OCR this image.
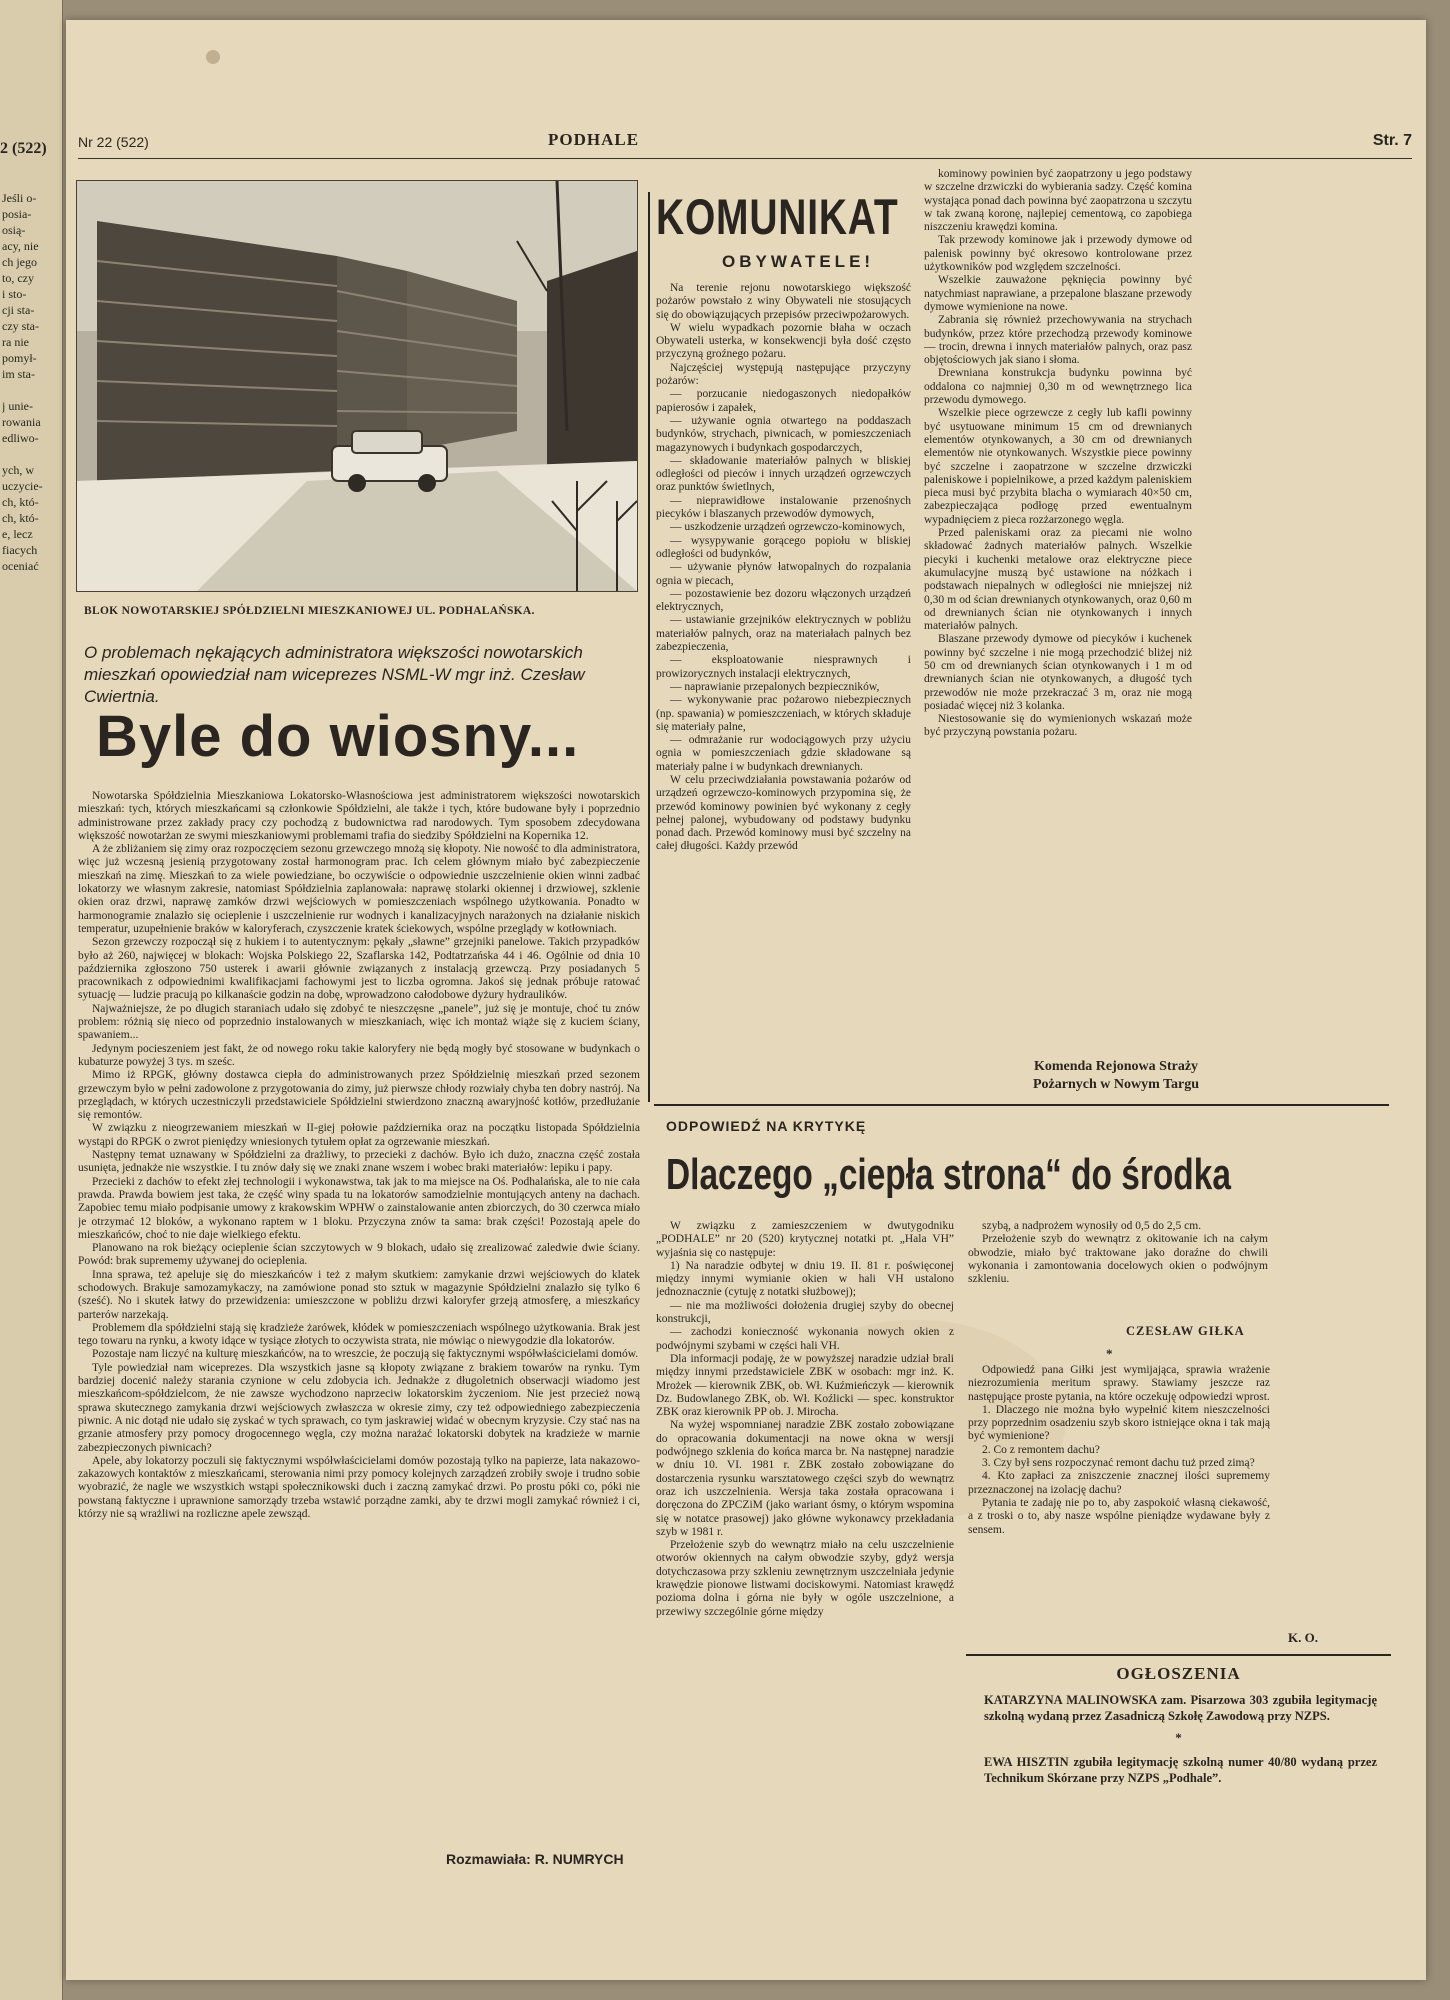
2 (522)
Jeśli o-
posia-
osią-
acy, nie
ch jego
to, czy
i sto-
cji sta-
czy sta-
ra nie
pomył-
im sta-

j unie-
rowania
edliwo-

ych, w
uczycie-
ch, któ-
ch, któ-
e, lecz
fiacych
oceniać
Nr 22 (522)	PODHALE	Str. 7
BLOK NOWOTARSKIEJ SPÓŁDZIELNI MIESZKANIOWEJ UL. PODHALAŃSKA.
O problemach nękających administratora większości nowotarskich mieszkań opowiedział nam wiceprezes NSML-W mgr inż. Czesław Cwiertnia.
Byle do wiosny...

Nowotarska Spółdzielnia Mieszkaniowa Lokatorsko-Własnościowa jest administratorem większości nowotarskich mieszkań: tych, których mieszkańcami są członkowie Spółdzielni, ale także i tych, które budowane były i poprzednio administrowane przez zakłady pracy czy pochodzą z budownictwa rad narodowych. Tym sposobem zdecydowana większość nowotarżan ze swymi mieszkaniowymi problemami trafia do siedziby Spółdzielni na Kopernika 12.

A że zbliżaniem się zimy oraz rozpoczęciem sezonu grzewczego mnożą się kłopoty. Nie nowość to dla administratora, więc już wczesną jesienią przygotowany został harmonogram prac. Ich celem głównym miało być zabezpieczenie mieszkań na zimę. Mieszkań to za wiele powiedziane, bo oczywiście o odpowiednie uszczelnienie okien winni zadbać lokatorzy we własnym zakresie, natomiast Spółdzielnia zaplanowała: naprawę stolarki okiennej i drzwiowej, szklenie okien oraz drzwi, naprawę zamków drzwi wejściowych w pomieszczeniach wspólnego użytkowania. Ponadto w harmonogramie znalazło się ocieplenie i uszczelnienie rur wodnych i kanalizacyjnych narażonych na działanie niskich temperatur, uzupełnienie braków w kaloryferach, czyszczenie kratek ściekowych, wspólne przeglądy w kotłowniach.

Sezon grzewczy rozpoczął się z hukiem i to autentycznym: pękały „sławne” grzejniki panelowe. Takich przypadków było aż 260, najwięcej w blokach: Wojska Polskiego 22, Szaflarska 142, Podtatrzańska 44 i 46. Ogólnie od dnia 10 października zgłoszono 750 usterek i awarii głównie związanych z instalacją grzewczą. Przy posiadanych 5 pracownikach z odpowiednimi kwalifikacjami fachowymi jest to liczba ogromna. Jakoś się jednak próbuje ratować sytuację — ludzie pracują po kilkanaście godzin na dobę, wprowadzono całodobowe dyżury hydraulików.

Najważniejsze, że po długich staraniach udało się zdobyć te nieszczęsne „panele”, już się je montuje, choć tu znów problem: różnią się nieco od poprzednio instalowanych w mieszkaniach, więc ich montaż wiąże się z kuciem ściany, spawaniem...

Jedynym pocieszeniem jest fakt, że od nowego roku takie kaloryfery nie będą mogły być stosowane w budynkach o kubaturze powyżej 3 tys. m sześc.

Mimo iż RPGK, główny dostawca ciepła do administrowanych przez Spółdzielnię mieszkań przed sezonem grzewczym było w pełni zadowolone z przygotowania do zimy, już pierwsze chłody rozwiały chyba ten dobry nastrój. Na przeglądach, w których uczestniczyli przedstawiciele Spółdzielni stwierdzono znaczną awaryjność kotłów, przedłużanie się remontów.

W związku z nieogrzewaniem mieszkań w II-giej połowie października oraz na początku listopada Spółdzielnia wystąpi do RPGK o zwrot pieniędzy wniesionych tytułem opłat za ogrzewanie mieszkań.

Następny temat uznawany w Spółdzielni za drażliwy, to przecieki z dachów. Było ich dużo, znaczna część została usunięta, jednakże nie wszystkie. I tu znów dały się we znaki znane wszem i wobec braki materiałów: lepiku i papy.

Przecieki z dachów to efekt złej technologii i wykonawstwa, tak jak to ma miejsce na Oś. Podhalańska, ale to nie cała prawda. Prawda bowiem jest taka, że część winy spada tu na lokatorów samodzielnie montujących anteny na dachach. Zapobiec temu miało podpisanie umowy z krakowskim WPHW o zainstalowanie anten zbiorczych, do 30 czerwca miało je otrzymać 12 bloków, a wykonano raptem w 1 bloku. Przyczyna znów ta sama: brak części! Pozostają apele do mieszkańców, choć to nie daje wielkiego efektu.

Planowano na rok bieżący ocieplenie ścian szczytowych w 9 blokach, udało się zrealizować zaledwie dwie ściany. Powód: brak suprememy używanej do ocieplenia.

Inna sprawa, też apeluje się do mieszkańców i też z małym skutkiem: zamykanie drzwi wejściowych do klatek schodowych. Brakuje samozamykaczy, na zamówione ponad sto sztuk w magazynie Spółdzielni znalazło się tylko 6 (sześć). No i skutek łatwy do przewidzenia: umieszczone w pobliżu drzwi kaloryfer grzeją atmosferę, a mieszkańcy parterów narzekają.

Problemem dla spółdzielni stają się kradzieże żarówek, kłódek w pomieszczeniach wspólnego użytkowania. Brak jest tego towaru na rynku, a kwoty idące w tysiące złotych to oczywista strata, nie mówiąc o niewygodzie dla lokatorów.

Pozostaje nam liczyć na kulturę mieszkańców, na to wreszcie, że poczują się faktycznymi współwłaścicielami domów.

Tyle powiedział nam wiceprezes. Dla wszystkich jasne są kłopoty związane z brakiem towarów na rynku. Tym bardziej docenić należy starania czynione w celu zdobycia ich. Jednakże z długoletnich obserwacji wiadomo jest mieszkańcom-spółdzielcom, że nie zawsze wychodzono naprzeciw lokatorskim życzeniom. Nie jest przecież nową sprawa skutecznego zamykania drzwi wejściowych zwłaszcza w okresie zimy, czy też odpowiedniego zabezpieczenia piwnic. A nic dotąd nie udało się zyskać w tych sprawach, co tym jaskrawiej widać w obecnym kryzysie. Czy stać nas na grzanie atmosfery przy pomocy drogocennego węgla, czy można narażać lokatorski dobytek na kradzieże w marnie zabezpieczonych piwnicach?

Apele, aby lokatorzy poczuli się faktycznymi współwłaścicielami domów pozostają tylko na papierze, lata nakazowo-zakazowych kontaktów z mieszkańcami, sterowania nimi przy pomocy kolejnych zarządzeń zrobiły swoje i trudno sobie wyobrazić, że nagle we wszystkich wstąpi społecznikowski duch i zaczną zamykać drzwi. Po prostu póki co, póki nie powstaną faktyczne i uprawnione samorządy trzeba wstawić porządne zamki, aby te drzwi mogli zamykać również i ci, którzy nie są wrażliwi na rozliczne apele zewsząd.

Rozmawiała: R. NUMRYCH
KOMUNIKAT
OBYWATELE!

Na terenie rejonu nowotarskiego większość pożarów powstało z winy Obywateli nie stosujących się do obowiązujących przepisów przeciwpożarowych.

W wielu wypadkach pozornie błaha w oczach Obywateli usterka, w konsekwencji była dość często przyczyną groźnego pożaru.

Najczęściej występują następujące przyczyny pożarów:

— porzucanie niedogaszonych niedopałków papierosów i zapałek,

— używanie ognia otwartego na poddaszach budynków, strychach, piwnicach, w pomieszczeniach magazynowych i budynkach gospodarczych,

— składowanie materiałów palnych w bliskiej odległości od pieców i innych urządzeń ogrzewczych oraz punktów świetlnych,

— nieprawidłowe instalowanie przenośnych piecyków i blaszanych przewodów dymowych,

— uszkodzenie urządzeń ogrzewczo-kominowych,

— wysypywanie gorącego popiołu w bliskiej odległości od budynków,

— używanie płynów łatwopalnych do rozpalania ognia w piecach,

— pozostawienie bez dozoru włączonych urządzeń elektrycznych,

— ustawianie grzejników elektrycznych w pobliżu materiałów palnych, oraz na materiałach palnych bez zabezpieczenia,

— eksploatowanie niesprawnych i prowizorycznych instalacji elektrycznych,

— naprawianie przepalonych bezpieczników,

— wykonywanie prac pożarowo niebezpiecznych (np. spawania) w pomieszczeniach, w których składuje się materiały palne,

— odmrażanie rur wodociągowych przy użyciu ognia w pomieszczeniach gdzie składowane są materiały palne i w budynkach drewnianych.

W celu przeciwdziałania powstawania pożarów od urządzeń ogrzewczo-kominowych przypomina się, że przewód kominowy powinien być wykonany z cegły pełnej palonej, wybudowany od podstawy budynku ponad dach. Przewód kominowy musi być szczelny na całej długości. Każdy przewód

kominowy powinien być zaopatrzony u jego podstawy w szczelne drzwiczki do wybierania sadzy. Część komina wystająca ponad dach powinna być zaopatrzona u szczytu w tak zwaną koronę, najlepiej cementową, co zapobiega niszczeniu krawędzi komina.

Tak przewody kominowe jak i przewody dymowe od palenisk powinny być okresowo kontrolowane przez użytkowników pod względem szczelności.

Wszelkie zauważone pęknięcia powinny być natychmiast naprawiane, a przepalone blaszane przewody dymowe wymienione na nowe.

Zabrania się również przechowywania na strychach budynków, przez które przechodzą przewody kominowe — trocin, drewna i innych materiałów palnych, oraz pasz objętościowych jak siano i słoma.

Drewniana konstrukcja budynku powinna być oddalona co najmniej 0,30 m od wewnętrznego lica przewodu dymowego.

Wszelkie piece ogrzewcze z cegły lub kafli powinny być usytuowane minimum 15 cm od drewnianych elementów otynkowanych, a 30 cm od drewnianych elementów nie otynkowanych. Wszystkie piece powinny być szczelne i zaopatrzone w szczelne drzwiczki paleniskowe i popielnikowe, a przed każdym paleniskiem pieca musi być przybita blacha o wymiarach 40×50 cm, zabezpieczająca podłogę przed ewentualnym wypadnięciem z pieca rozżarzonego węgla.

Przed paleniskami oraz za piecami nie wolno składować żadnych materiałów palnych. Wszelkie piecyki i kuchenki metalowe oraz elektryczne piece akumulacyjne muszą być ustawione na nóżkach i podstawach niepalnych w odległości nie mniejszej niż 0,30 m od ścian drewnianych otynkowanych, oraz 0,60 m od drewnianych ścian nie otynkowanych i innych materiałów palnych.

Blaszane przewody dymowe od piecyków i kuchenek powinny być szczelne i nie mogą przechodzić bliżej niż 50 cm od drewnianych ścian otynkowanych i 1 m od drewnianych ścian nie otynkowanych, a długość tych przewodów nie może przekraczać 3 m, oraz nie mogą posiadać więcej niż 3 kolanka.

Niestosowanie się do wymienionych wskazań może być przyczyną powstania pożaru.

Komenda Rejonowa Straży
Pożarnych w Nowym Targu
ODPOWIEDŹ NA KRYTYKĘ
Dlaczego „ciepła strona“ do środka

W związku z zamieszczeniem w dwutygodniku „PODHALE” nr 20 (520) krytycznej notatki pt. „Hala VH” wyjaśnia się co następuje:

1) Na naradzie odbytej w dniu 19. II. 81 r. poświęconej między innymi wymianie okien w hali VH ustalono jednoznacznie (cytuję z notatki służbowej);

— nie ma możliwości dołożenia drugiej szyby do obecnej konstrukcji,

— zachodzi konieczność wykonania nowych okien z podwójnymi szybami w części hali VH.

Dla informacji podaję, że w powyższej naradzie udział brali między innymi przedstawiciele ZBK w osobach: mgr inż. K. Mrożek — kierownik ZBK, ob. Wł. Kuźmieńczyk — kierownik Dz. Budowlanego ZBK, ob. Wł. Koźlicki — spec. konstruktor ZBK oraz kierownik PP ob. J. Mirocha.

Na wyżej wspomnianej naradzie ZBK zostało zobowiązane do opracowania dokumentacji na nowe okna w wersji podwójnego szklenia do końca marca br. Na następnej naradzie w dniu 10. VI. 1981 r. ZBK zostało zobowiązane do dostarczenia rysunku warsztatowego części szyb do wewnątrz oraz ich uszczelnienia. Wersja taka została opracowana i doręczona do ZPCZiM (jako wariant ósmy, o którym wspomina się w notatce prasowej) jako główne wykonawcy przekładania szyb w 1981 r.

Przełożenie szyb do wewnątrz miało na celu uszczelnienie otworów okiennych na całym obwodzie szyby, gdyż wersja dotychczasowa przy szkleniu zewnętrznym uszczelniała jedynie krawędzie pionowe listwami dociskowymi. Natomiast krawędź pozioma dolna i górna nie były w ogóle uszczelnione, a przewiwy szczególnie górne między

szybą, a nadprożem wynosiły od 0,5 do 2,5 cm.

Przełożenie szyb do wewnątrz z okitowanie ich na całym obwodzie, miało być traktowane jako doraźne do chwili wykonania i zamontowania docelowych okien o podwójnym szkleniu.

CZESŁAW GIŁKA
*

Odpowiedź pana Giłki jest wymijająca, sprawia wrażenie niezrozumienia meritum sprawy. Stawiamy jeszcze raz następujące proste pytania, na które oczekuję odpowiedzi wprost.

1. Dlaczego nie można było wypełnić kitem nieszczelności przy poprzednim osadzeniu szyb skoro istniejące okna i tak mają być wymienione?

2. Co z remontem dachu?

3. Czy był sens rozpoczynać remont dachu tuż przed zimą?

4. Kto zapłaci za zniszczenie znacznej ilości suprememy przeznaczonej na izolację dachu?

Pytania te zadaję nie po to, aby zaspokoić własną ciekawość, a z troski o to, aby nasze wspólne pieniądze wydawane były z sensem.

K. O.
OGŁOSZENIA
KATARZYNA MALINOWSKA zam. Pisarzowa 303 zgubiła legitymację szkolną wydaną przez Zasadniczą Szkołę Zawodową przy NZPS.
*
EWA HISZTIN zgubiła legitymację szkolną numer 40/80 wydaną przez Technikum Skórzane przy NZPS „Podhale”.
